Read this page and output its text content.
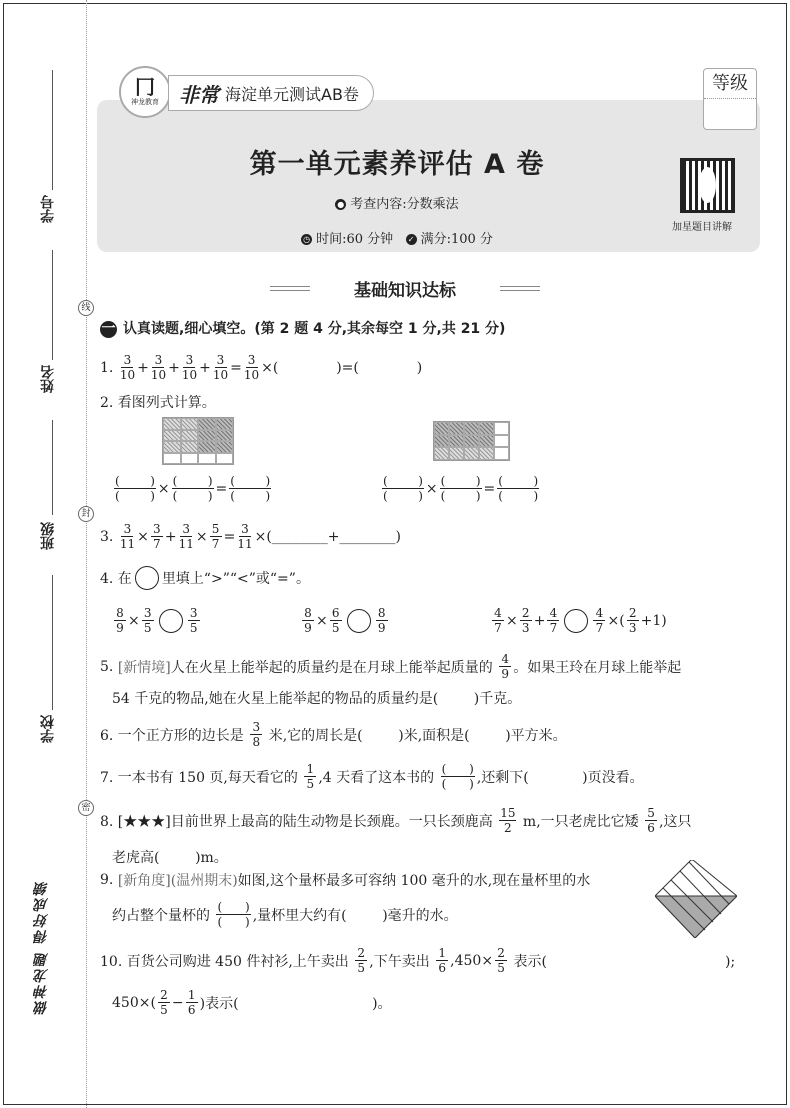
学号
线
姓名
封
班级
学校
密
做神龙题 得好成绩
冂
神龙教育 非常 海淀单元测试AB卷	等级
第一单元素养评估 A 卷
● 考查内容:分数乘法
◷ 时间:60 分钟 ✓ 满分:100 分
加星题目讲解
基础知识达标
一 认真读题,细心填空。(第 2 题 4 分,其余每空 1 分,共 21 分)
1. $\frac{3}{10} + \frac{3}{10} + \frac{3}{10} + \frac{3}{10} = \frac{3}{10}$ ×(             )=(             )
2. 看图列式计算。
$\frac{( )}{( )} \times \frac{( )}{( )} = \frac{( )}{( )}$	$\frac{( )}{( )} \times \frac{( )}{( )} = \frac{( )}{( )}$
3. $\frac{3}{11} \times \frac{3}{7} + \frac{3}{11} \times \frac{5}{7} = \frac{3}{11}$ ×(________+________)
4. 在 里填上“>”“<”或“=”。
$\frac{8}{9} \times \frac{3}{5}$	$\frac{3}{5}$	$\frac{8}{9} \times \frac{6}{5}$	$\frac{8}{9}$	$\frac{4}{7} \times \frac{2}{3} + \frac{4}{7}$	$\frac{4}{7}$ ×( $\frac{2}{3} +1$)
5. [新情境] 人在火星上能举起的质量约是在月球上能举起质量的 $\frac{4}{9}$ 。如果王玲在月球上能举起
54 千克的物品,她在火星上能举起的物品的质量约是(        )千克。
6. 一个正方形的边长是 $\frac{3}{8}$ 米,它的周长是(        )米,面积是(        )平方米。
7. 一本书有 150 页,每天看它的 $\frac{1}{5} ,4$ 天看了这本书的 $\frac{( )}{( )}$ ,还剩下(            )页没看。
8. [★★★]目前世界上最高的陆生动物是长颈鹿。一只长颈鹿高 $\frac{15}{2} m$,一只老虎比它矮 $\frac{5}{6}$ ,这只
老虎高(        )m。
9. [新角度](温州期末) 如图,这个量杯最多可容纳 100 毫升的水,现在量杯里的水
约占整个量杯的 $\frac{( )}{( )}$ ,量杯里大约有(        )毫升的水。
10. 百货公司购进 450 件衬衫,上午卖出 $\frac{2}{5}$ ,下午卖出 $\frac{1}{6} ,450\times \frac{2}{5}$ 表示(                                        );
$450\times( \frac{2}{5} - \frac{1}{6}$ )表示(                              )。
